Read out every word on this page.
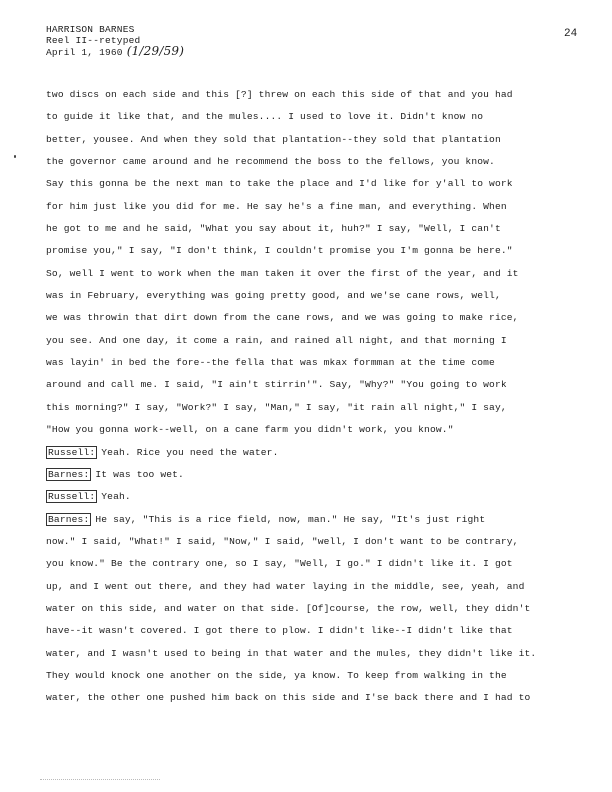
HARRISON BARNES
Reel II--retyped
April 1, 1960 (1/29/59)
24
two discs on each side and this [?] threw on each this side of that and you had
to guide it like that, and the mules.... I used to love it. Didn't know no
better, yousee. And when they sold that plantation--they sold that plantation
the governor came around and he recommend the boss to the fellows, you know.
Say this gonna be the next man to take the place and I'd like for y'all to work
for him just like you did for me. He say he's a fine man, and everything. When
he got to me and he said, "What you say about it, huh?" I say, "Well, I can't
promise you," I say, "I don't think, I couldn't promise you I'm gonna be here."
So, well I went to work when the man taken it over the first of the year, and it
was in February, everything was going pretty good, and we'se cane rows, well,
we was throwin that dirt down from the cane rows, and we was going to make rice,
you see. And one day, it come a rain, and rained all night, and that morning I
was layin' in bed the fore--the fella that was mkax formman at the time come
around and call me. I said, "I ain't stirrin'". Say, "Why?" "You going to work
this morning?" I say, "Work?" I say, "Man," I say, "it rain all night," I say,
"How you gonna work--well, on a cane farm you didn't work, you know."
Russell: Yeah. Rice you need the water.
Barnes: It was too wet.
Russell: Yeah.
Barnes: He say, "This is a rice field, now, man." He say, "It's just right
now." I said, "What!" I said, "Now," I said, "well, I don't want to be contrary,
you know." Be the contrary one, so I say, "Well, I go." I didn't like it. I got
up, and I went out there, and they had water laying in the middle, see, yeah, and
water on this side, and water on that side. [Of]course, the row, well, they didn't
have--it wasn't covered. I got there to plow. I didn't like--I didn't like that
water, and I wasn't used to being in that water and the mules, they didn't like it.
They would knock one another on the side, ya know. To keep from walking in the
water, the other one pushed him back on this side and I'se back there and I had to
